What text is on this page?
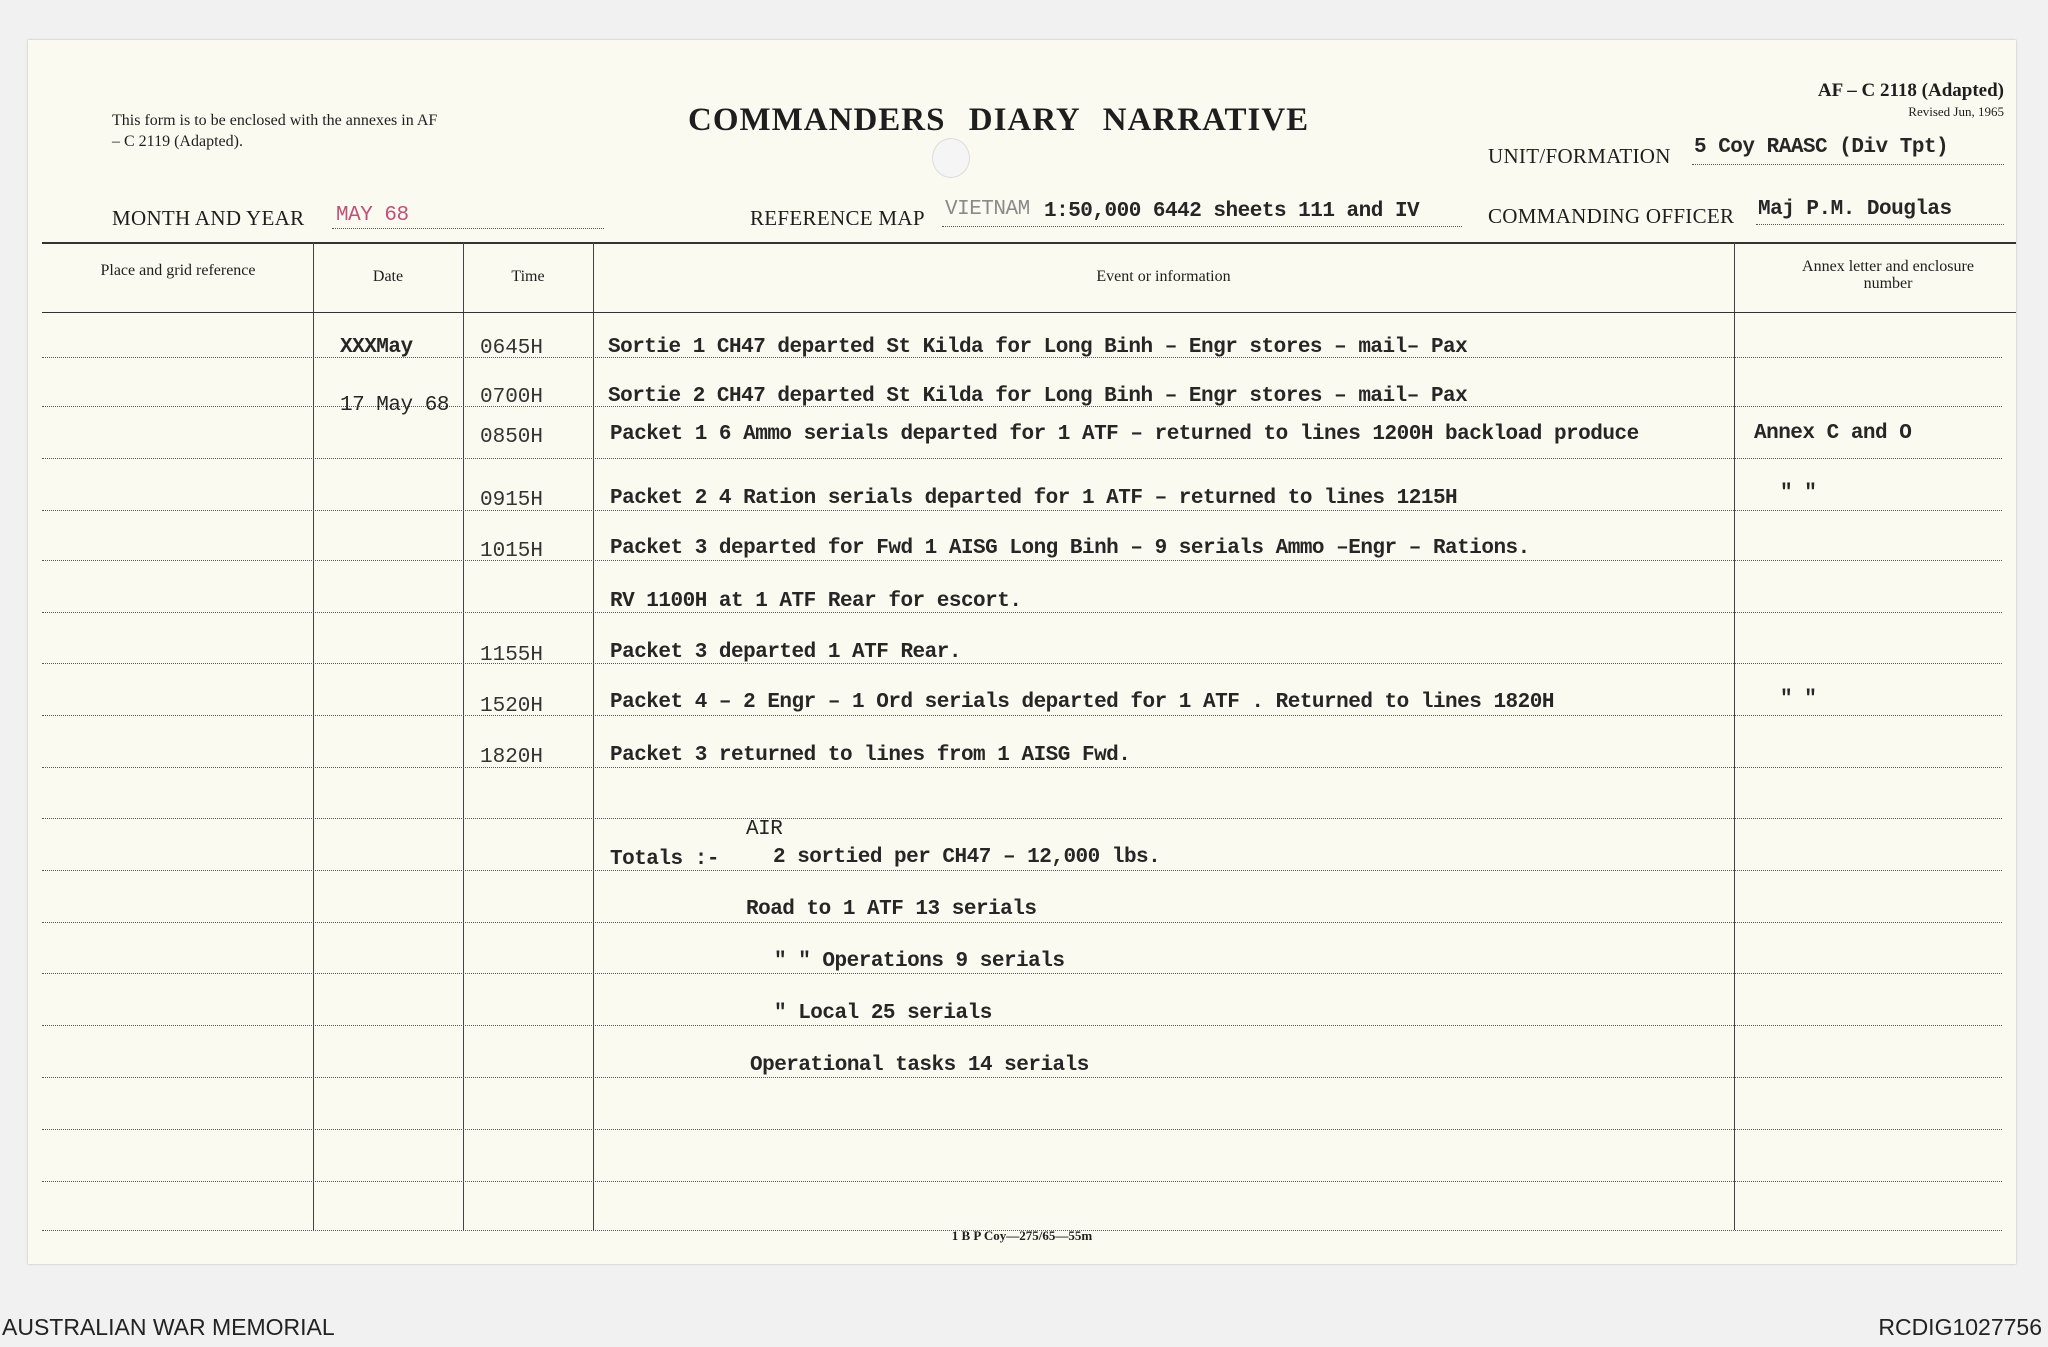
This form is to be enclosed with the annexes in AF – C 2119 (Adapted).
COMMANDERS DIARY NARRATIVE
AF – C 2118 (Adapted)
Revised Jun, 1965
UNIT/FORMATION 5 Coy RAASC (Div Tpt)
MONTH AND YEAR MAY 68	REFERENCE MAP VIETNAM 1:50,000 6442 sheets 111 and IV	COMMANDING OFFICER Maj P.M. Douglas
Place and grid reference	Date	Time	Event or information
Annex letter and enclosure number
XXXMay	0645H	Sortie 1 CH47 departed St Kilda for Long Binh – Engr stores – mail– Pax
17 May 68 0700H	Sortie 2 CH47 departed St Kilda for Long Binh – Engr stores – mail– Pax
0850H	Packet 1 6 Ammo serials departed for 1 ATF – returned to lines 1200H backload produce	Annex C and O
0915H	Packet 2 4 Ration serials departed for 1 ATF – returned to lines 1215H	" "
1015H	Packet 3 departed for Fwd 1 AISG Long Binh – 9 serials Ammo –Engr – Rations.
RV 1100H at 1 ATF Rear for escort.
1155H	Packet 3 departed 1 ATF Rear.
1520H	Packet 4 – 2 Engr – 1 Ord serials departed for 1 ATF . Returned to lines 1820H	" "
1820H	Packet 3 returned to lines from 1 AISG Fwd.
AIR
Totals :-	2 sortied per CH47 – 12,000 lbs.
Road to 1 ATF 13 serials
" " Operations 9 serials
" Local 25 serials
Operational tasks 14 serials
1 B P Coy—275/65—55m
AUSTRALIAN WAR MEMORIAL	RCDIG1027756
